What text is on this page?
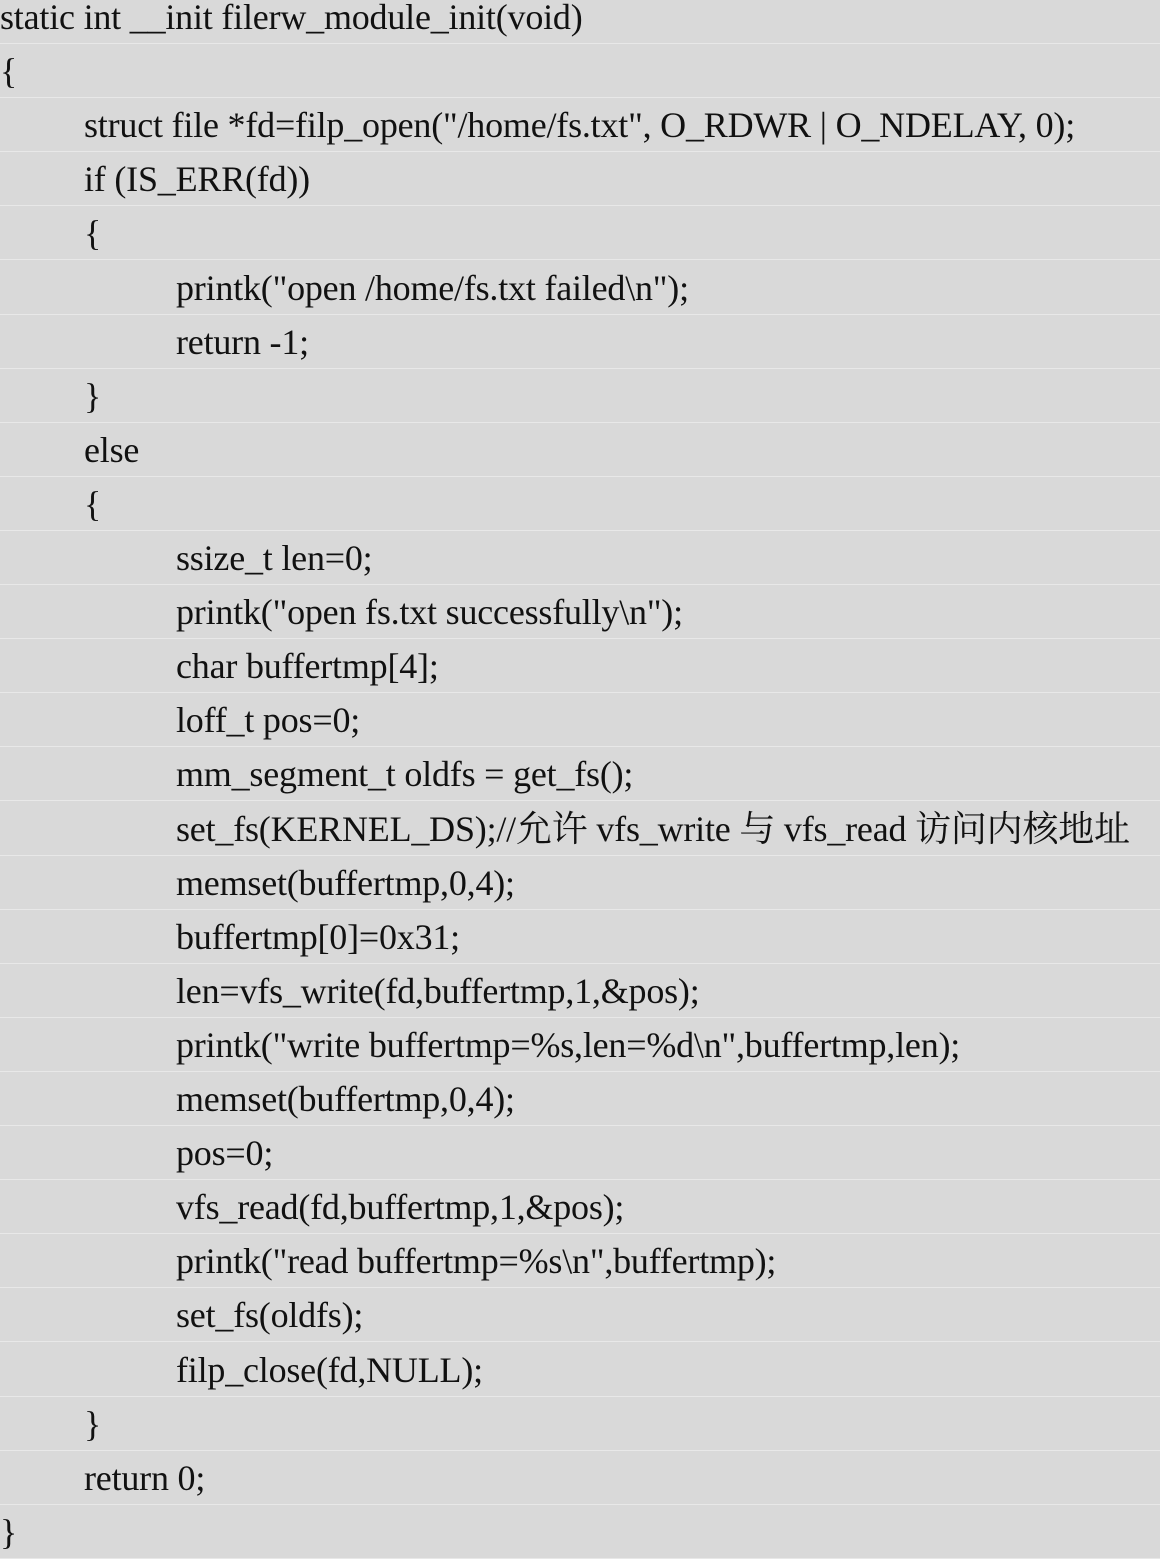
static int __init filerw_module_init(void)
{
struct file *fd=filp_open("/home/fs.txt", O_RDWR | O_NDELAY, 0);
if (IS_ERR(fd))
{
printk("open /home/fs.txt failed\n");
return -1;
}
else
{
ssize_t len=0;
printk("open fs.txt successfully\n");
char buffertmp[4];
loff_t pos=0;
mm_segment_t oldfs = get_fs();
set_fs(KERNEL_DS);//允许 vfs_write 与 vfs_read 访问内核地址
memset(buffertmp,0,4);
buffertmp[0]=0x31;
len=vfs_write(fd,buffertmp,1,&pos);
printk("write buffertmp=%s,len=%d\n",buffertmp,len);
memset(buffertmp,0,4);
pos=0;
vfs_read(fd,buffertmp,1,&pos);
printk("read buffertmp=%s\n",buffertmp);
set_fs(oldfs);
filp_close(fd,NULL);
}
return 0;
}
